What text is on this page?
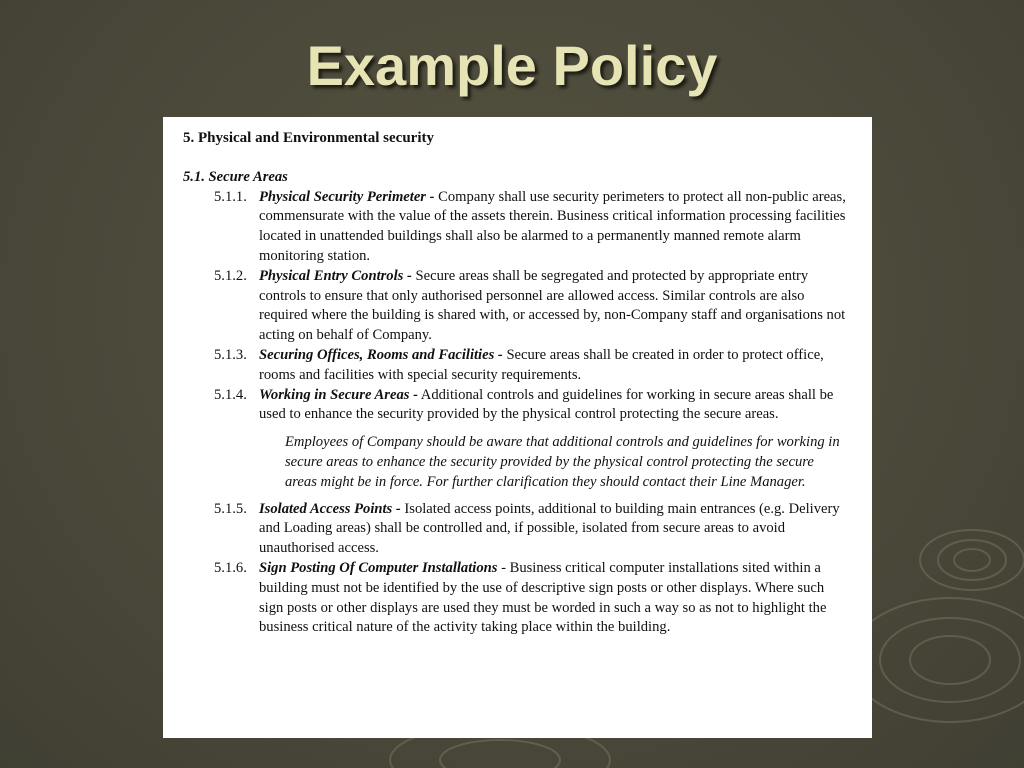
Example Policy

5. Physical and Environmental security

5.1. Secure Areas

5.1.1. Physical Security Perimeter - Company shall use security perimeters to protect all non-public areas, commensurate with the value of the assets therein. Business critical information processing facilities located in unattended buildings shall also be alarmed to a permanently manned remote alarm monitoring station.

5.1.2. Physical Entry Controls - Secure areas shall be segregated and protected by appropriate entry controls to ensure that only authorised personnel are allowed access. Similar controls are also required where the building is shared with, or accessed by, non-Company staff and organisations not acting on behalf of Company.

5.1.3. Securing Offices, Rooms and Facilities - Secure areas shall be created in order to protect office, rooms and facilities with special security requirements.

5.1.4. Working in Secure Areas - Additional controls and guidelines for working in secure areas shall be used to enhance the security provided by the physical control protecting the secure areas.

Employees of Company should be aware that additional controls and guidelines for working in secure areas to enhance the security provided by the physical control protecting the secure areas might be in force. For further clarification they should contact their Line Manager.

5.1.5. Isolated Access Points - Isolated access points, additional to building main entrances (e.g. Delivery and Loading areas) shall be controlled and, if possible, isolated from secure areas to avoid unauthorised access.

5.1.6. Sign Posting Of Computer Installations - Business critical computer installations sited within a building must not be identified by the use of descriptive sign posts or other displays. Where such sign posts or other displays are used they must be worded in such a way so as not to highlight the business critical nature of the activity taking place within the building.
